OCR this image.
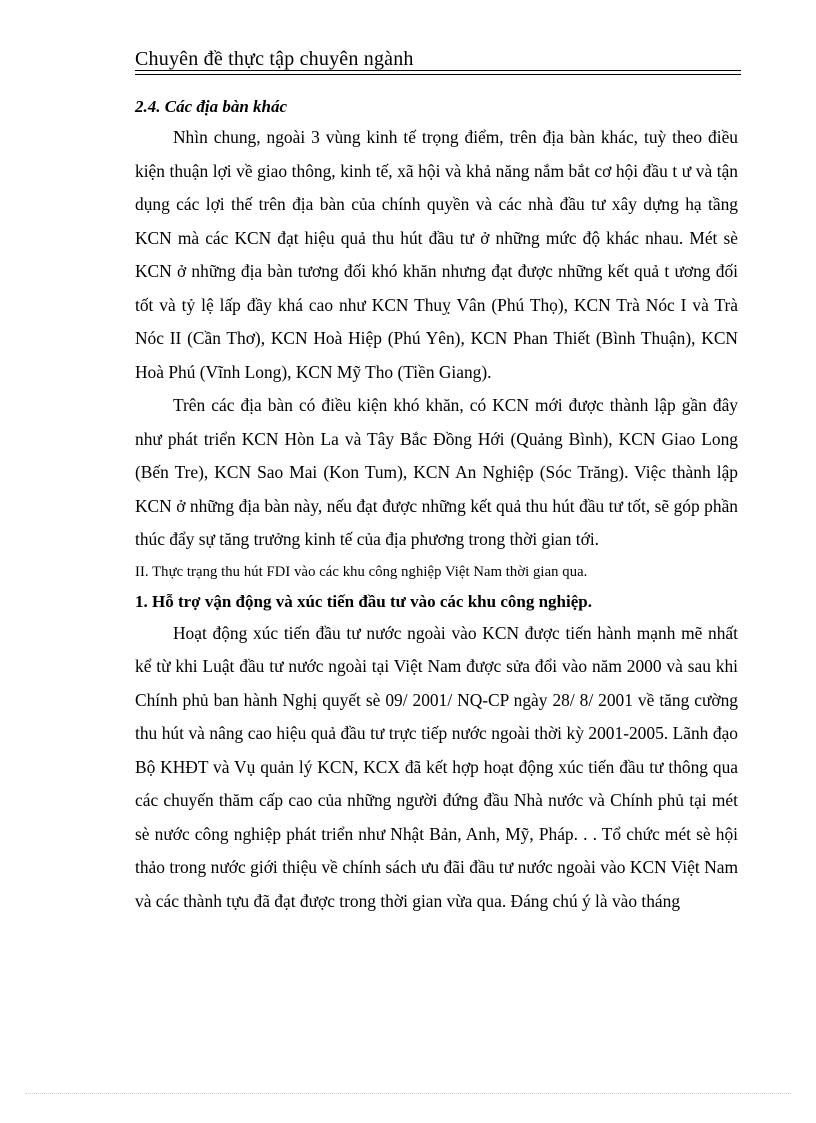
Chuyên đề thực tập chuyên ngành

2.4. Các địa bàn khác

Nhìn chung, ngoài 3 vùng kinh tế trọng điểm, trên địa bàn khác, tuỳ theo điều kiện thuận lợi về giao thông, kinh tế, xã hội và khả năng nắm bắt cơ hội đầu t ư và tận dụng các lợi thế trên địa bàn của chính quyền và các nhà đầu tư xây dựng hạ tầng KCN mà các KCN đạt hiệu quả thu hút đầu tư ở những mức độ khác nhau. Mét sè KCN ở những địa bàn tương đối khó khăn nhưng đạt được những kết quả t ương đối tốt và tỷ lệ lấp đầy khá cao như KCN Thuỵ Vân (Phú Thọ), KCN Trà Nóc I và Trà Nóc II (Cần Thơ), KCN Hoà Hiệp (Phú Yên), KCN Phan Thiết (Bình Thuận), KCN Hoà Phú (Vĩnh Long), KCN Mỹ Tho (Tiền Giang).

Trên các địa bàn có điều kiện khó khăn, có KCN mới được thành lập gần đây như phát triển KCN Hòn La và Tây Bắc Đồng Hới (Quảng Bình), KCN Giao Long (Bến Tre), KCN Sao Mai (Kon Tum), KCN An Nghiệp (Sóc Trăng). Việc thành lập KCN ở những địa bàn này, nếu đạt được những kết quả thu hút đầu tư tốt, sẽ góp phần thúc đẩy sự tăng trưởng kinh tế của địa phương trong thời gian tới.

II. Thực trạng thu hút FDI vào các khu công nghiệp Việt Nam thời gian qua.

1. Hỗ trợ vận động và xúc tiến đầu tư vào các khu công nghiệp.

Hoạt động xúc tiến đầu tư nước ngoài vào KCN được tiến hành mạnh mẽ nhất kể từ khi Luật đầu tư nước ngoài tại Việt Nam được sửa đổi vào năm 2000 và sau khi Chính phủ ban hành Nghị quyết sè 09/ 2001/ NQ-CP ngày 28/ 8/ 2001 về tăng cường thu hút và nâng cao hiệu quả đầu tư trực tiếp nước ngoài thời kỳ 2001-2005. Lãnh đạo Bộ KHĐT và Vụ quản lý KCN, KCX đã kết hợp hoạt động xúc tiến đầu tư thông qua các chuyến thăm cấp cao của những người đứng đầu Nhà nước và Chính phủ tại mét sè nước công nghiệp phát triển như Nhật Bản, Anh, Mỹ, Pháp. . . Tổ chức mét sè hội thảo trong nước giới thiệu về chính sách ưu đãi đầu tư nước ngoài vào KCN Việt Nam và các thành tựu đã đạt được trong thời gian vừa qua. Đáng chú ý là vào tháng
